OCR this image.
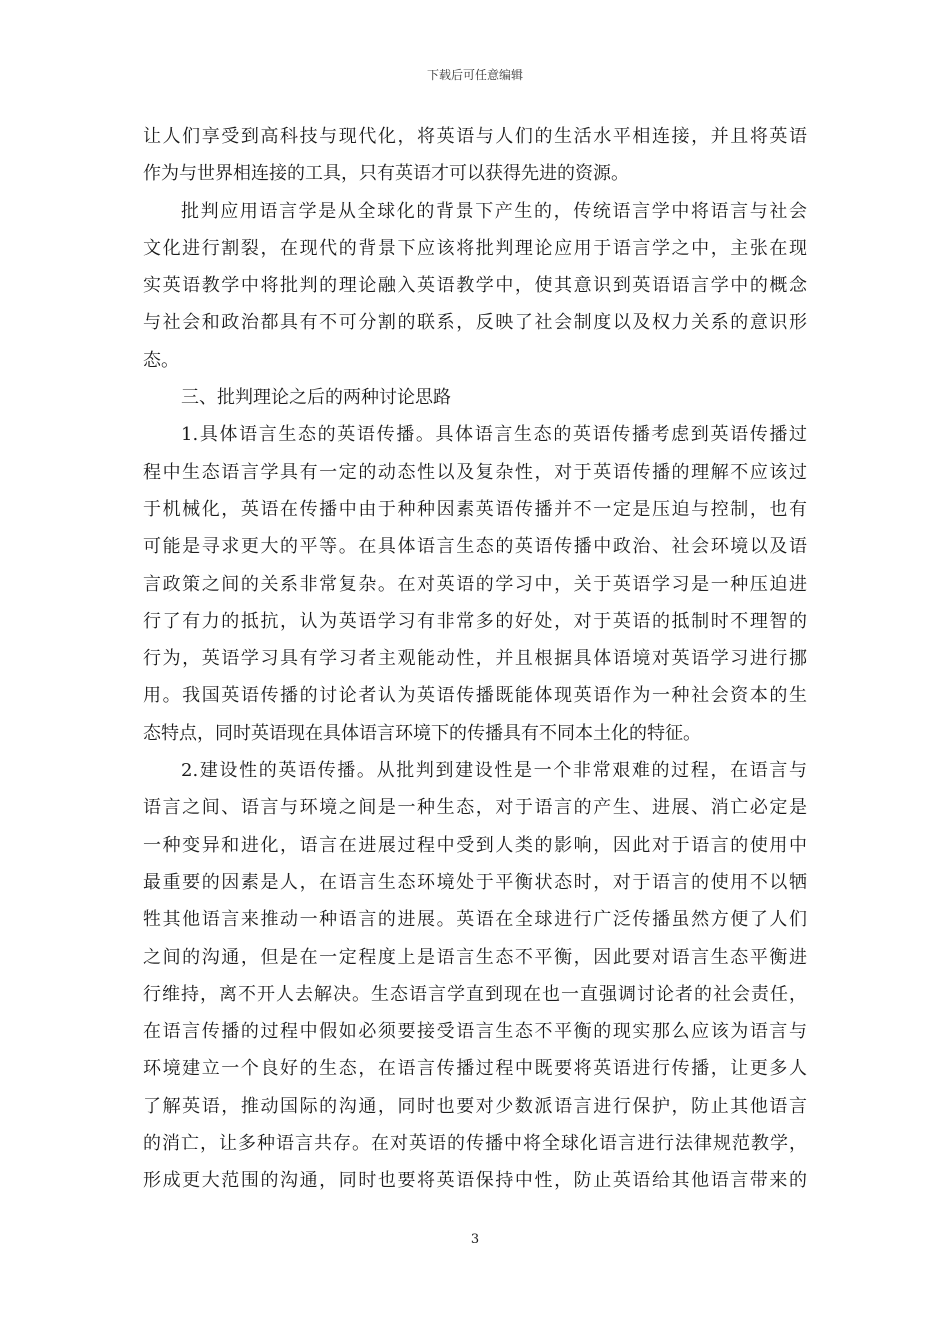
下载后可任意编辑
让人们享受到高科技与现代化，将英语与人们的生活水平相连接，并且将英语
作为与世界相连接的工具，只有英语才可以获得先进的资源。
批判应用语言学是从全球化的背景下产生的，传统语言学中将语言与社会
文化进行割裂，在现代的背景下应该将批判理论应用于语言学之中，主张在现
实英语教学中将批判的理论融入英语教学中，使其意识到英语语言学中的概念
与社会和政治都具有不可分割的联系，反映了社会制度以及权力关系的意识形
态。
三、批判理论之后的两种讨论思路
1.具体语言生态的英语传播。具体语言生态的英语传播考虑到英语传播过
程中生态语言学具有一定的动态性以及复杂性，对于英语传播的理解不应该过
于机械化，英语在传播中由于种种因素英语传播并不一定是压迫与控制，也有
可能是寻求更大的平等。在具体语言生态的英语传播中政治、社会环境以及语
言政策之间的关系非常复杂。在对英语的学习中，关于英语学习是一种压迫进
行了有力的抵抗，认为英语学习有非常多的好处，对于英语的抵制时不理智的
行为，英语学习具有学习者主观能动性，并且根据具体语境对英语学习进行挪
用。我国英语传播的讨论者认为英语传播既能体现英语作为一种社会资本的生
态特点，同时英语现在具体语言环境下的传播具有不同本土化的特征。
2.建设性的英语传播。从批判到建设性是一个非常艰难的过程，在语言与
语言之间、语言与环境之间是一种生态，对于语言的产生、进展、消亡必定是
一种变异和进化，语言在进展过程中受到人类的影响，因此对于语言的使用中
最重要的因素是人，在语言生态环境处于平衡状态时，对于语言的使用不以牺
牲其他语言来推动一种语言的进展。英语在全球进行广泛传播虽然方便了人们
之间的沟通，但是在一定程度上是语言生态不平衡，因此要对语言生态平衡进
行维持，离不开人去解决。生态语言学直到现在也一直强调讨论者的社会责任，
在语言传播的过程中假如必须要接受语言生态不平衡的现实那么应该为语言与
环境建立一个良好的生态，在语言传播过程中既要将英语进行传播，让更多人
了解英语，推动国际的沟通，同时也要对少数派语言进行保护，防止其他语言
的消亡，让多种语言共存。在对英语的传播中将全球化语言进行法律规范教学，
形成更大范围的沟通，同时也要将英语保持中性，防止英语给其他语言带来的
3
